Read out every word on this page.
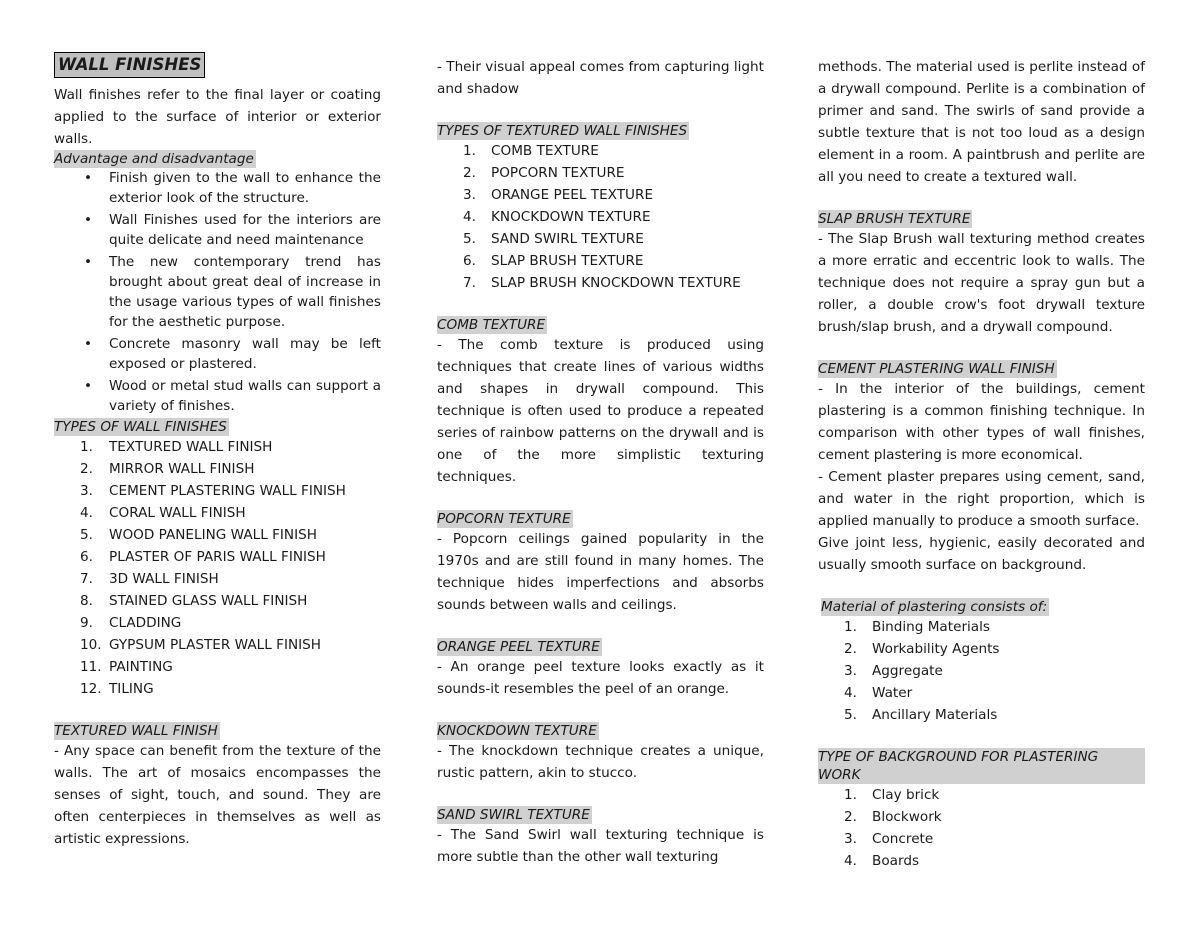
WALL FINISHES

Wall finishes refer to the final layer or coating applied to the surface of interior or exterior walls.

Advantage and disadvantage
• Finish given to the wall to enhance the exterior look of the structure.
• Wall Finishes used for the interiors are quite delicate and need maintenance
• The new contemporary trend has brought about great deal of increase in the usage various types of wall finishes for the aesthetic purpose.
• Concrete masonry wall may be left exposed or plastered.
• Wood or metal stud walls can support a variety of finishes.
TYPES OF WALL FINISHES
1.	TEXTURED WALL FINISH
2.	MIRROR WALL FINISH
3.	CEMENT PLASTERING WALL FINISH
4.	CORAL WALL FINISH
5.	WOOD PANELING WALL FINISH
6.	PLASTER OF PARIS WALL FINISH
7.	3D WALL FINISH
8.	STAINED GLASS WALL FINISH
9.	CLADDING
10. GYPSUM PLASTER WALL FINISH
11. PAINTING
12. TILING
TEXTURED WALL FINISH

- Any space can benefit from the texture of the walls. The art of mosaics encompasses the senses of sight, touch, and sound. They are often centerpieces in themselves as well as artistic expressions.

- Their visual appeal comes from capturing light and shadow

TYPES OF TEXTURED WALL FINISHES
1.	COMB TEXTURE
2.	POPCORN TEXTURE
3.	ORANGE PEEL TEXTURE
4.	KNOCKDOWN TEXTURE
5.	SAND SWIRL TEXTURE
6.	SLAP BRUSH TEXTURE
7.	SLAP BRUSH KNOCKDOWN TEXTURE
COMB TEXTURE

- The comb texture is produced using techniques that create lines of various widths and shapes in drywall compound. This technique is often used to produce a repeated series of rainbow patterns on the drywall and is one of the more simplistic texturing techniques.

POPCORN TEXTURE

- Popcorn ceilings gained popularity in the 1970s and are still found in many homes. The technique hides imperfections and absorbs sounds between walls and ceilings.

ORANGE PEEL TEXTURE

- An orange peel texture looks exactly as it sounds-it resembles the peel of an orange.

KNOCKDOWN TEXTURE

- The knockdown technique creates a unique, rustic pattern, akin to stucco.

SAND SWIRL TEXTURE

- The Sand Swirl wall texturing technique is more subtle than the other wall texturing

methods. The material used is perlite instead of a drywall compound. Perlite is a combination of primer and sand. The swirls of sand provide a subtle texture that is not too loud as a design element in a room. A paintbrush and perlite are all you need to create a textured wall.

SLAP BRUSH TEXTURE

- The Slap Brush wall texturing method creates a more erratic and eccentric look to walls. The technique does not require a spray gun but a roller, a double crow's foot drywall texture brush/slap brush, and a drywall compound.

CEMENT PLASTERING WALL FINISH

- In the interior of the buildings, cement plastering is a common finishing technique. In comparison with other types of wall finishes, cement plastering is more economical.

- Cement plaster prepares using cement, sand, and water in the right proportion, which is applied manually to produce a smooth surface.

Give joint less, hygienic, easily decorated and usually smooth surface on background.

Material of plastering consists of:
1.	Binding Materials
2.	Workability Agents
3.	Aggregate
4.	Water
5.	Ancillary Materials
TYPE OF BACKGROUND FOR PLASTERING WORK
1.	Clay brick
2.	Blockwork
3.	Concrete
4.	Boards
